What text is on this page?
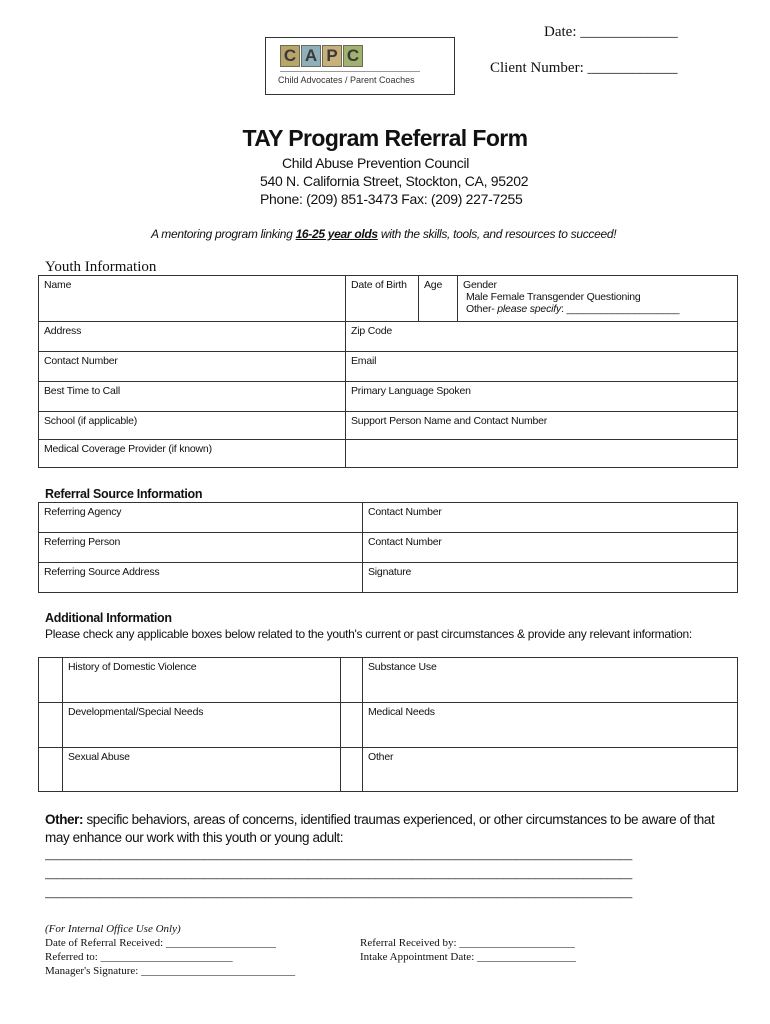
Date: _____________
Client Number: ____________
C A P C
Child Advocates / Parent Coaches
TAY Program Referral Form
Child Abuse Prevention Council
540 N. California Street, Stockton, CA, 95202
Phone: (209) 851-3473 Fax: (209) 227-7255
A mentoring program linking 16-25 year olds with the skills, tools, and resources to succeed!
Youth Information
Name	Date of Birth	Age	Gender
Male Female Transgender Questioning
Other- please specify: ____________________

Address	Zip Code		
Contact Number	Email		
Best Time to Call	Primary Language Spoken		
School (if applicable)	Support Person Name and Contact Number		
Medical Coverage Provider (if known)			
Referral Source Information
Referring Agency	Contact Number
Referring Person	Contact Number
Referring Source Address	Signature
Additional Information
Please check any applicable boxes below related to the youth's current or past circumstances & provide any relevant information:
	History of Domestic Violence		Substance Use
	Developmental/Special Needs		Medical Needs
	Sexual Abuse		Other
Other: specific behaviors, areas of concerns, identified traumas experienced, or other circumstances to be aware of that
may enhance our work with this youth or young adult:
________________________________________________________________________________________________
________________________________________________________________________________________________
________________________________________________________________________________________________
(For Internal Office Use Only)
Date of Referral Received: ____________________
Referred to: ________________________
Manager's Signature: ____________________________
Referral Received by: _____________________
Intake Appointment Date: __________________
